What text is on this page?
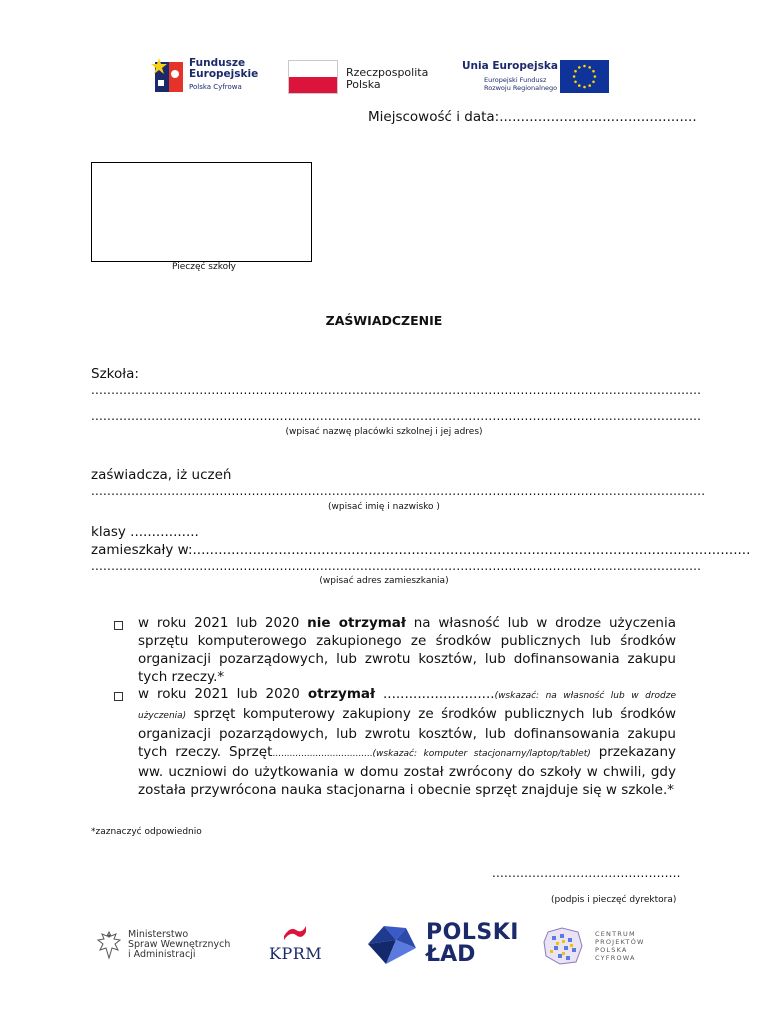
Fundusze
Europejskie
Polska Cyfrowa
Rzeczpospolita
Polska
Unia Europejska
Europejski Fundusz
Rozwoju Regionalnego
Miejscowość i data:..............................................
Pieczęć szkoły
ZAŚWIADCZENIE
Szkoła:
........................................................................................................................................................
........................................................................................................................................................
(wpisać nazwę placówki szkolnej i jej adres)
zaświadcza, iż uczeń
.........................................................................................................................................................
(wpisać imię i nazwisko )
klasy ................
zamieszkały w:..................................................................................................................................
........................................................................................................................................................
(wpisać adres zamieszkania)
w roku 2021 lub 2020 nie otrzymał na własność lub w drodze użyczenia sprzętu komputerowego zakupionego ze środków publicznych lub środków organizacji pozarządowych, lub zwrotu kosztów, lub dofinansowania zakupu tych rzeczy.*
w roku 2021 lub 2020 otrzymał ..........................(wskazać: na własność lub w drodze użyczenia) sprzęt komputerowy zakupiony ze środków publicznych lub środków organizacji pozarządowych, lub zwrotu kosztów, lub dofinansowania zakupu tych rzeczy. Sprzęt...................................(wskazać: komputer stacjonarny/laptop/tablet) przekazany ww. uczniowi do użytkowania w domu został zwrócony do szkoły w chwili, gdy została przywrócona nauka stacjonarna i obecnie sprzęt znajduje się w szkole.*
*zaznaczyć odpowiednio
...............................................
(podpis i pieczęć dyrektora)
Ministerstwo
Spraw Wewnętrznych
i Administracji	KPRM
POLSKI
ŁAD
CENTRUM
PROJEKTÓW
POLSKA
CYFROWA
